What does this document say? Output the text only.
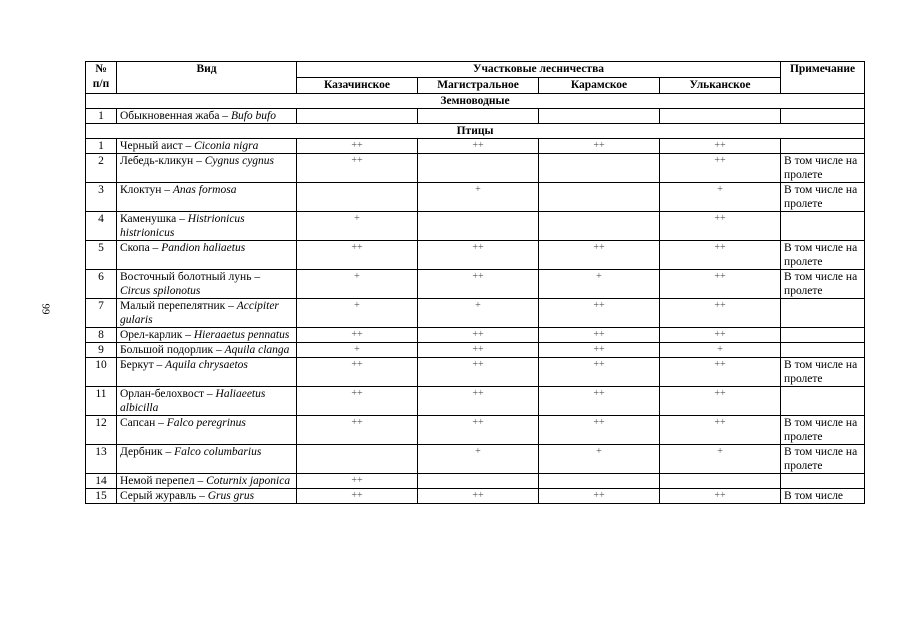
99
№ п/п	Вид	Участковые лесничества				Примечание
		Казачинское	Магистральное	Карамское	Ульканское	
Земноводные						
1	Обыкновенная жаба – Bufo bufo					
Птицы						
1	Черный аист – Ciconia nigra	++	++	++	++	
2	Лебедь-кликун – Cygnus cygnus	++			++	В том числе на пролете
3	Клоктун – Anas formosa		+		+	В том числе на пролете
4	Каменушка – Histrionicus histrionicus	+			++	
5	Скопа – Pandion haliaetus	++	++	++	++	В том числе на пролете
6	Восточный болотный лунь – Circus spilonotus	+	++	+	++	В том числе на пролете
7	Малый перепелятник – Accipiter gularis	+	+	++	++	
8	Орел-карлик – Hieraaetus pennatus	++	++	++	++	
9	Большой подорлик – Aquila clanga	+	++	++	+	
10	Беркут – Aquila chrysaetos	++	++	++	++	В том числе на пролете
11	Орлан-белохвост – Haliaeetus albicilla	++	++	++	++	
12	Сапсан – Falco peregrinus	++	++	++	++	В том числе на пролете
13	Дербник – Falco columbarius		+	+	+	В том числе на пролете
14	Немой перепел – Coturnix japonica	++				
15	Серый журавль – Grus grus	++	++	++	++	В том числе
